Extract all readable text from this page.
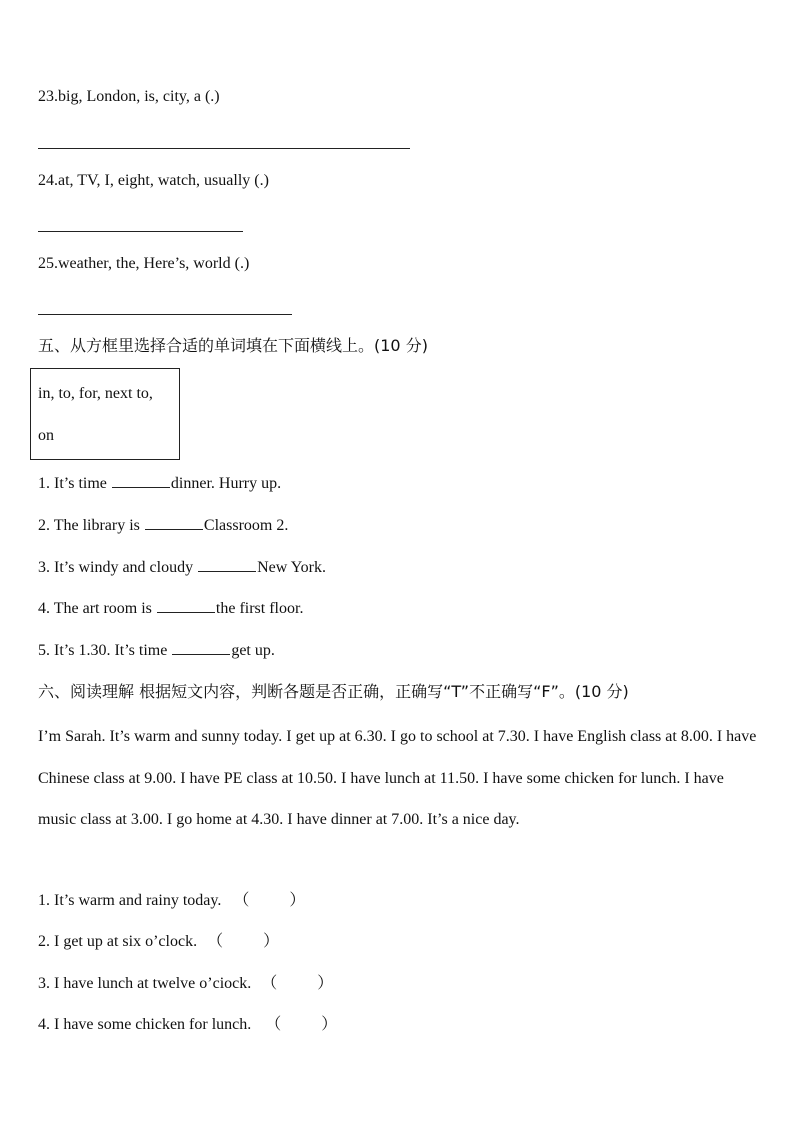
23.big, London, is, city, a (.)
24.at, TV, I, eight, watch, usually (.)
25.weather, the, Here’s, world (.)
五、从方框里选择合适的单词填在下面横线上。(10 分)
in, to, for, next to,
on
1. It’s time	dinner. Hurry up.
2. The library is	Classroom 2.
3. It’s windy and cloudy	New York.
4. The art room is	the first floor.
5. It’s 1.30. It’s time	get up.
六、阅读理解 根据短文内容，判断各题是否正确，正确写“T”不正确写“F”。(10 分)
I’m Sarah. It’s warm and sunny today. I get up at 6.30. I go to school at 7.30. I have English class at 8.00. I have Chinese class at 9.00. I have PE class at 10.50. I have lunch at 11.50. I have some chicken for lunch. I have music class at 3.00. I go home at 4.30. I have dinner at 7.00. It’s a nice day.
1. It’s warm and rainy today. （	）
2. I get up at six o’clock. （	）
3. I have lunch at twelve o’ciock. （	）
4. I have some chicken for lunch. （	）
